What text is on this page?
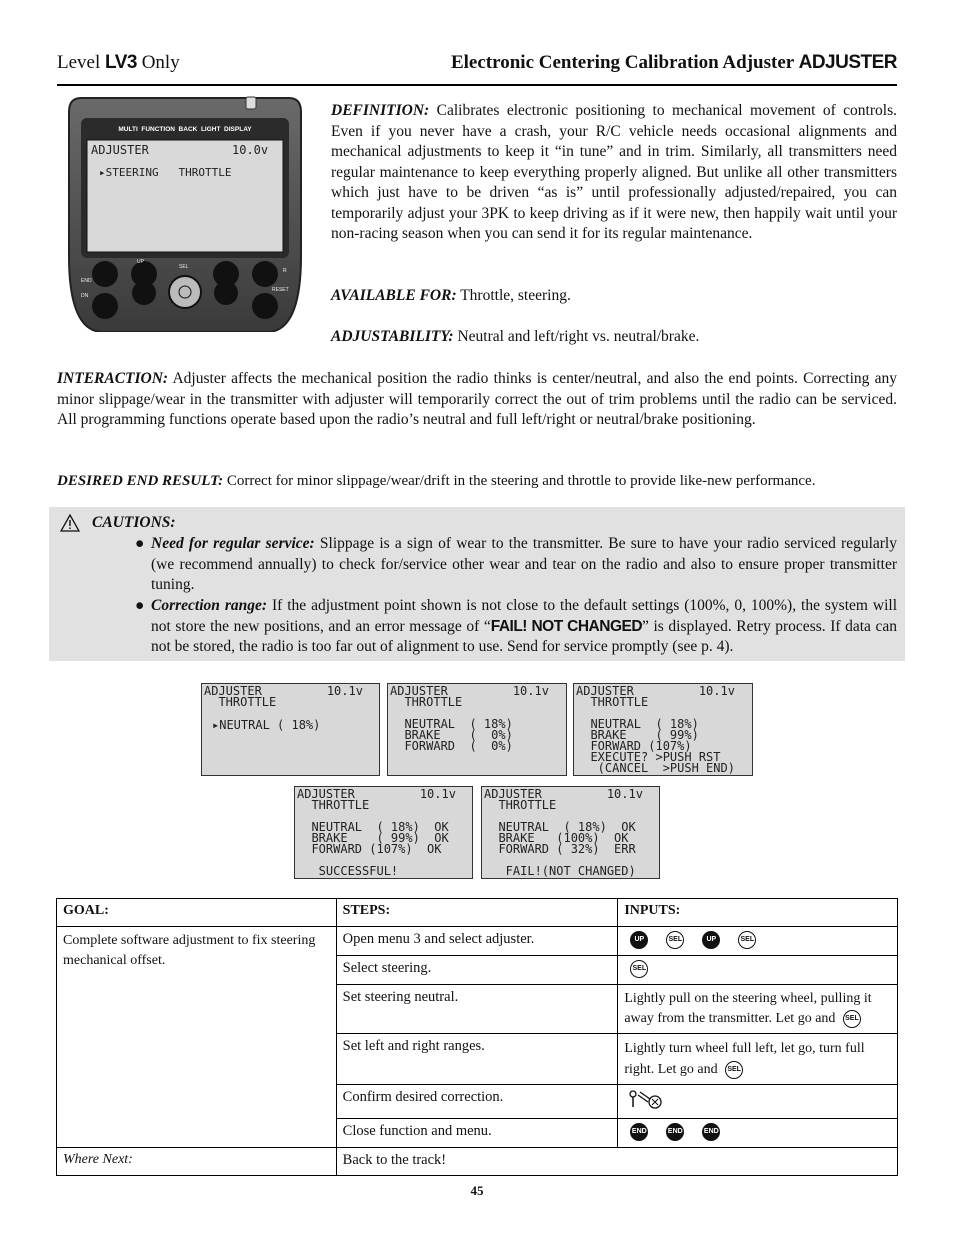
Level LV3 Only	Electronic Centering Calibration Adjuster ADJUSTER
MULTI  FUNCTION  BACK  LIGHT  DISPLAY
ADJUSTER	10.0v
▸STEERING   THROTTLE
UP
SEL
DN
END
R
RESET
DEFINITION: Calibrates electronic positioning to mechanical movement of controls. Even if you never have a crash, your R/C vehicle needs occasional alignments and mechanical adjustments to keep it “in tune” and in trim. Similarly, all transmitters need regular maintenance to keep everything properly aligned. But unlike all other transmitters which just have to be driven “as is” until professionally adjusted/repaired, you can temporarily adjust your 3PK to keep driving as if it were new, then happily wait until your non-racing season when you can send it for its regular maintenance.
AVAILABLE FOR: Throttle, steering.
ADJUSTABILITY: Neutral and left/right vs. neutral/brake.
INTERACTION: Adjuster affects the mechanical position the radio thinks is center/neutral, and also the end points. Correcting any minor slippage/wear in the transmitter with adjuster will temporarily correct the out of trim problems until the radio can be serviced. All programming functions operate based upon the radio’s neutral and full left/right or neutral/brake positioning.
DESIRED END RESULT: Correct for minor slippage/wear/drift in the steering and throttle to provide like-new performance.
CAUTIONS:
● Need for regular service: Slippage is a sign of wear to the transmitter. Be sure to have your radio serviced regularly (we recommend annually) to check for/service other wear and tear on the radio and also to ensure proper transmitter tuning.
● Correction range: If the adjustment point shown is not close to the default settings (100%, 0, 100%), the system will not store the new positions, and an error message of “FAIL! NOT CHANGED” is displayed. Retry process. If data can not be stored, the radio is too far out of alignment to use. Send for service promptly (see p. 4).
ADJUSTER         10.1v
THROTTLE
▸NEUTRAL ( 18%)
ADJUSTER         10.1v
THROTTLE
NEUTRAL  ( 18%)
BRAKE    (  0%)
FORWARD  (  0%)
ADJUSTER         10.1v
THROTTLE
NEUTRAL  ( 18%)
BRAKE    ( 99%)
FORWARD (107%)
EXECUTE? >PUSH RST
(CANCEL  >PUSH END)
ADJUSTER         10.1v
THROTTLE
NEUTRAL  ( 18%)  OK
BRAKE    ( 99%)  OK
FORWARD (107%)  OK
SUCCESSFUL!
ADJUSTER         10.1v
THROTTLE
NEUTRAL  ( 18%)  OK
BRAKE   (100%)  OK
FORWARD ( 32%)  ERR
FAIL!(NOT CHANGED)
GOAL:	STEPS:	INPUTS:
Complete software adjustment to fix steering mechanical offset.	Open menu 3 and select adjuster.	UP SEL UP SEL
	Select steering.	SEL
	Set steering neutral.	Lightly pull on the steering wheel, pulling it away from the transmitter. Let go and SEL
	Set left and right ranges.	Lightly turn wheel full left, let go, turn full right. Let go and SEL
	Confirm desired correction.	
	Close function and menu.	END END END
Where Next:	Back to the track!	
45
